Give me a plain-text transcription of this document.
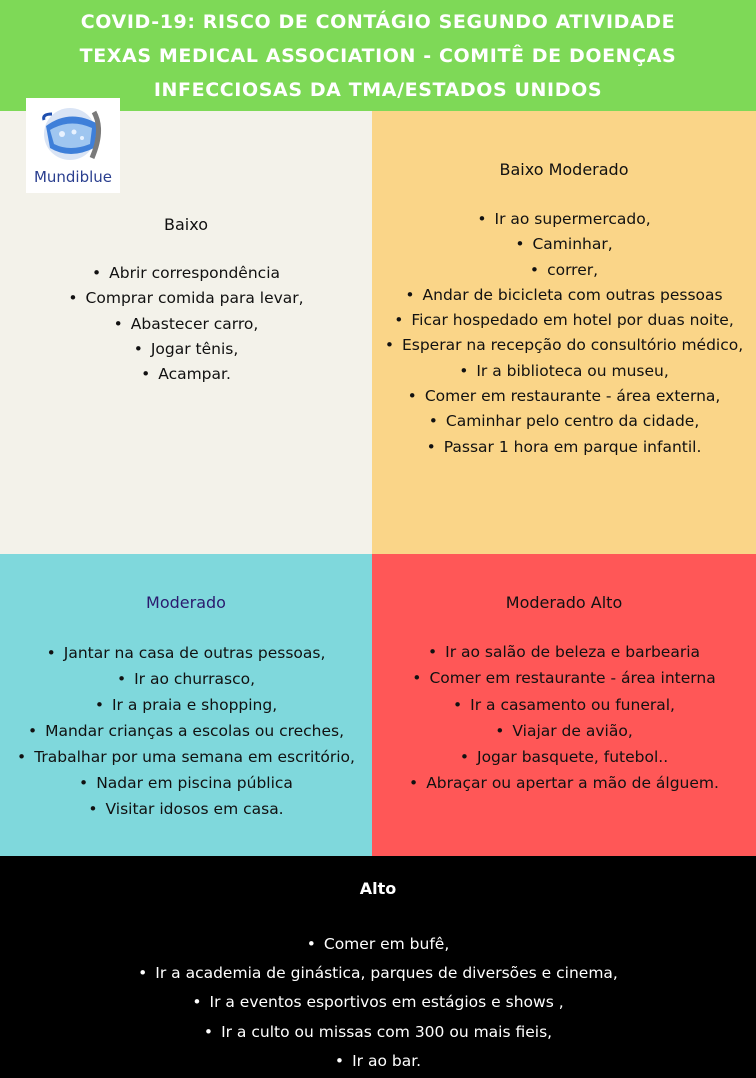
COVID-19: RISCO DE CONTÁGIO SEGUNDO ATIVIDADE
TEXAS MEDICAL ASSOCIATION - COMITÊ DE DOENÇAS
INFECCIOSAS DA TMA/ESTADOS UNIDOS
Mundiblue
Baixo
• Abrir correspondência
• Comprar comida para levar,
• Abastecer carro,
• Jogar tênis,
• Acampar.
Baixo Moderado
• Ir ao supermercado,
• Caminhar,
• correr,
• Andar de bicicleta com outras pessoas
• Ficar hospedado em hotel por duas noite,
• Esperar na recepção do consultório médico,
• Ir a biblioteca ou museu,
• Comer em restaurante - área externa,
• Caminhar pelo centro da cidade,
• Passar 1 hora em parque infantil.
Moderado
• Jantar na casa de outras pessoas,
• Ir ao churrasco,
• Ir a praia e shopping,
• Mandar crianças a escolas ou creches,
• Trabalhar por uma semana em escritório,
• Nadar em piscina pública
• Visitar idosos em casa.
Moderado Alto
• Ir ao salão de beleza e barbearia
• Comer em restaurante - área interna
• Ir a casamento ou funeral,
• Viajar de avião,
• Jogar basquete, futebol..
• Abraçar ou apertar a mão de álguem.
Alto
• Comer em bufê,
• Ir a academia de ginástica, parques de diversões e cinema,
• Ir a eventos esportivos em estágios e shows ,
• Ir a culto ou missas com 300 ou mais fieis,
• Ir ao bar.
